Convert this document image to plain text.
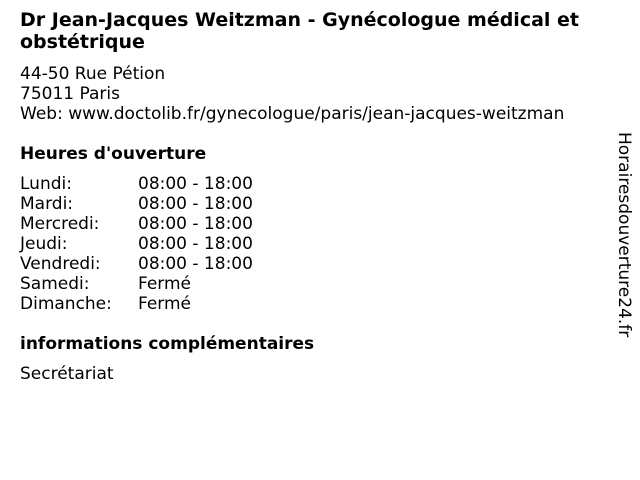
Dr Jean-Jacques Weitzman - Gynécologue médical et obstétrique
44-50 Rue Pétion
75011 Paris
Web: www.doctolib.fr/gynecologue/paris/jean-jacques-weitzman
Heures d'ouverture
Lundi:	08:00 - 18:00
Mardi:	08:00 - 18:00
Mercredi:	08:00 - 18:00
Jeudi:	08:00 - 18:00
Vendredi:	08:00 - 18:00
Samedi:	Fermé
Dimanche:	Fermé
informations complémentaires
Secrétariat
Horairesdouverture24.fr
